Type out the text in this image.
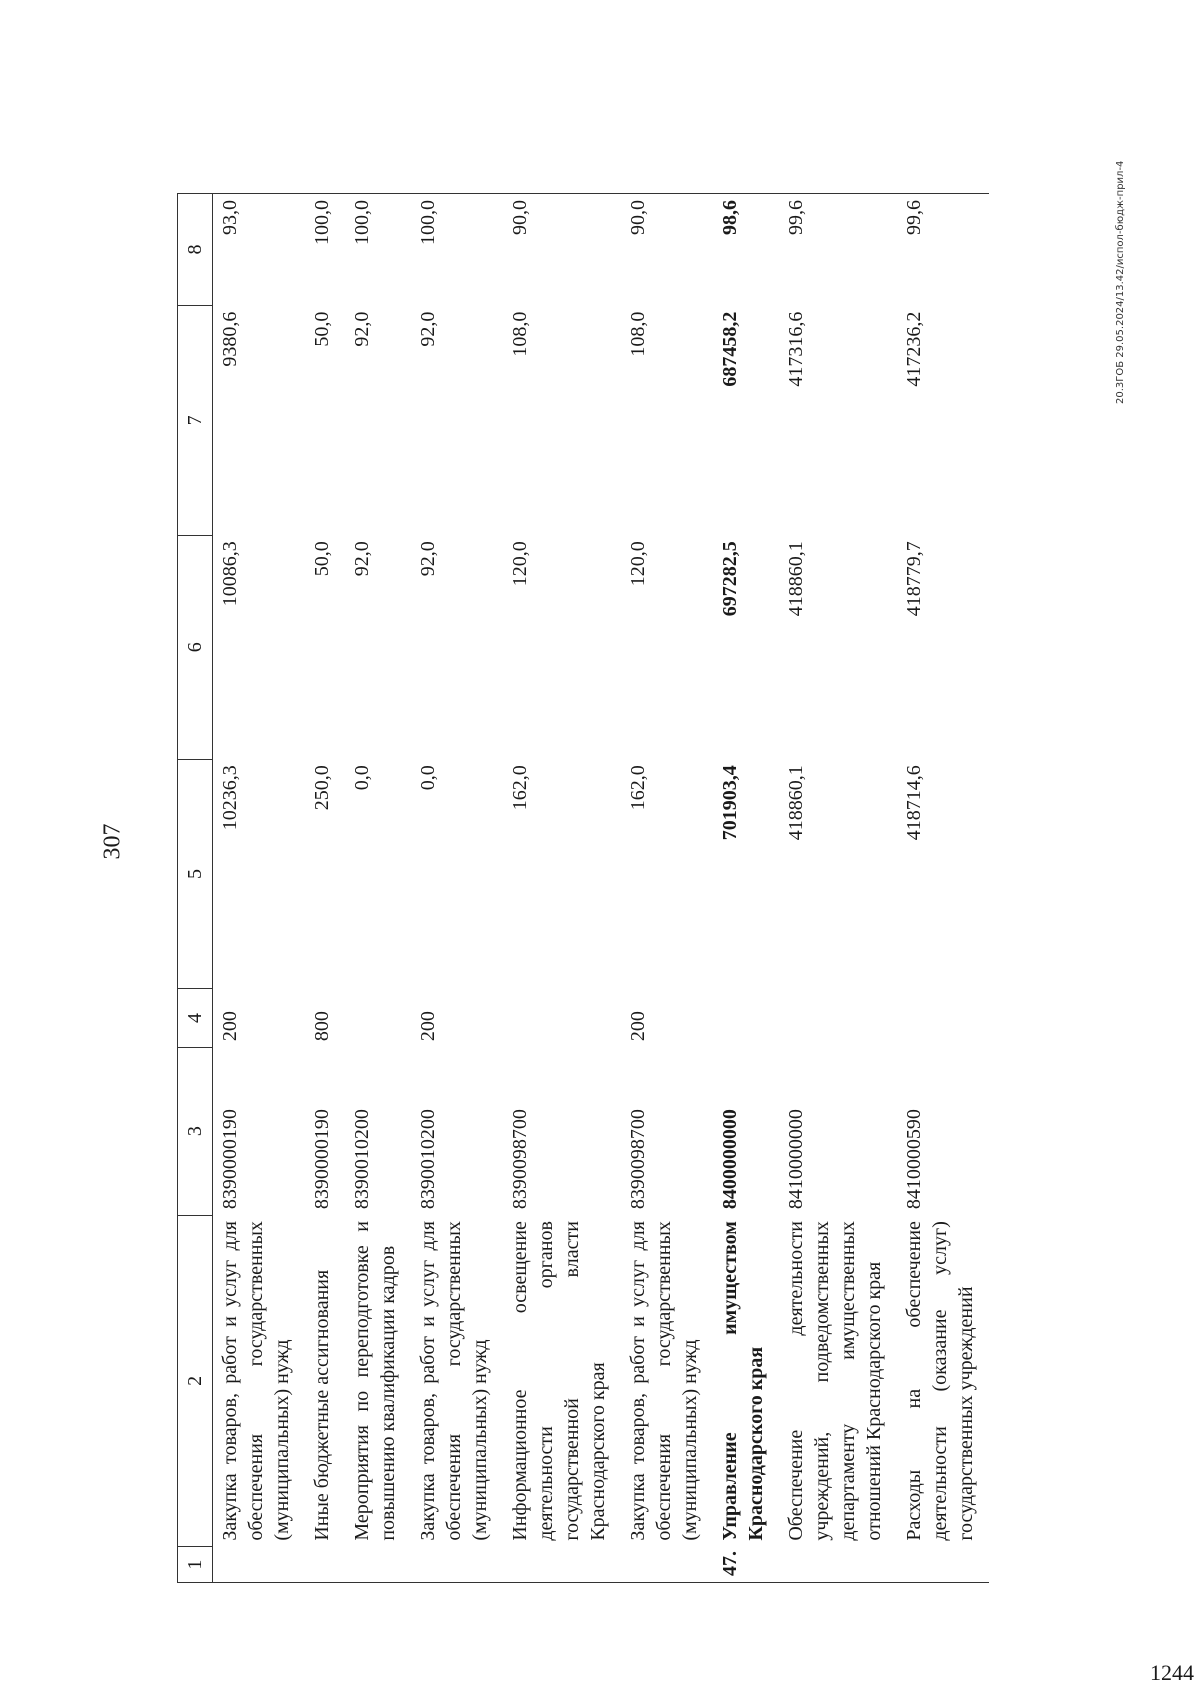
307
1	2	3	4	5	6	7	8
	Закупка товаров, работ и услуг для обеспечения государственных (муниципальных) нужд	8390000190	200	10236,3	10086,3	9380,6	93,0
	Иные бюджетные ассигнования	8390000190	800	250,0	50,0	50,0	100,0
	Мероприятия по переподготовке и повышению квалификации кадров	8390010200		0,0	92,0	92,0	100,0
	Закупка товаров, работ и услуг для обеспечения государственных (муниципальных) нужд	8390010200	200	0,0	92,0	92,0	100,0
	Информационное освещение деятельности органов государственной власти Краснодарского края	8390098700		162,0	120,0	108,0	90,0
	Закупка товаров, работ и услуг для обеспечения государственных (муниципальных) нужд	8390098700	200	162,0	120,0	108,0	90,0
47.	Управление имуществом Краснодарского края	8400000000		701903,4	697282,5	687458,2	98,6
	Обеспечение деятельности учреждений, подведомственных департаменту имущественных отношений Краснодарского края	8410000000		418860,1	418860,1	417316,6	99,6
	Расходы на обеспечение деятельности (оказание услуг) государственных учреждений	8410000590		418714,6	418779,7	417236,2	99,6	20.3ГОБ 29.05.2024/13.42/испол-бюдж-прил-4
1244
